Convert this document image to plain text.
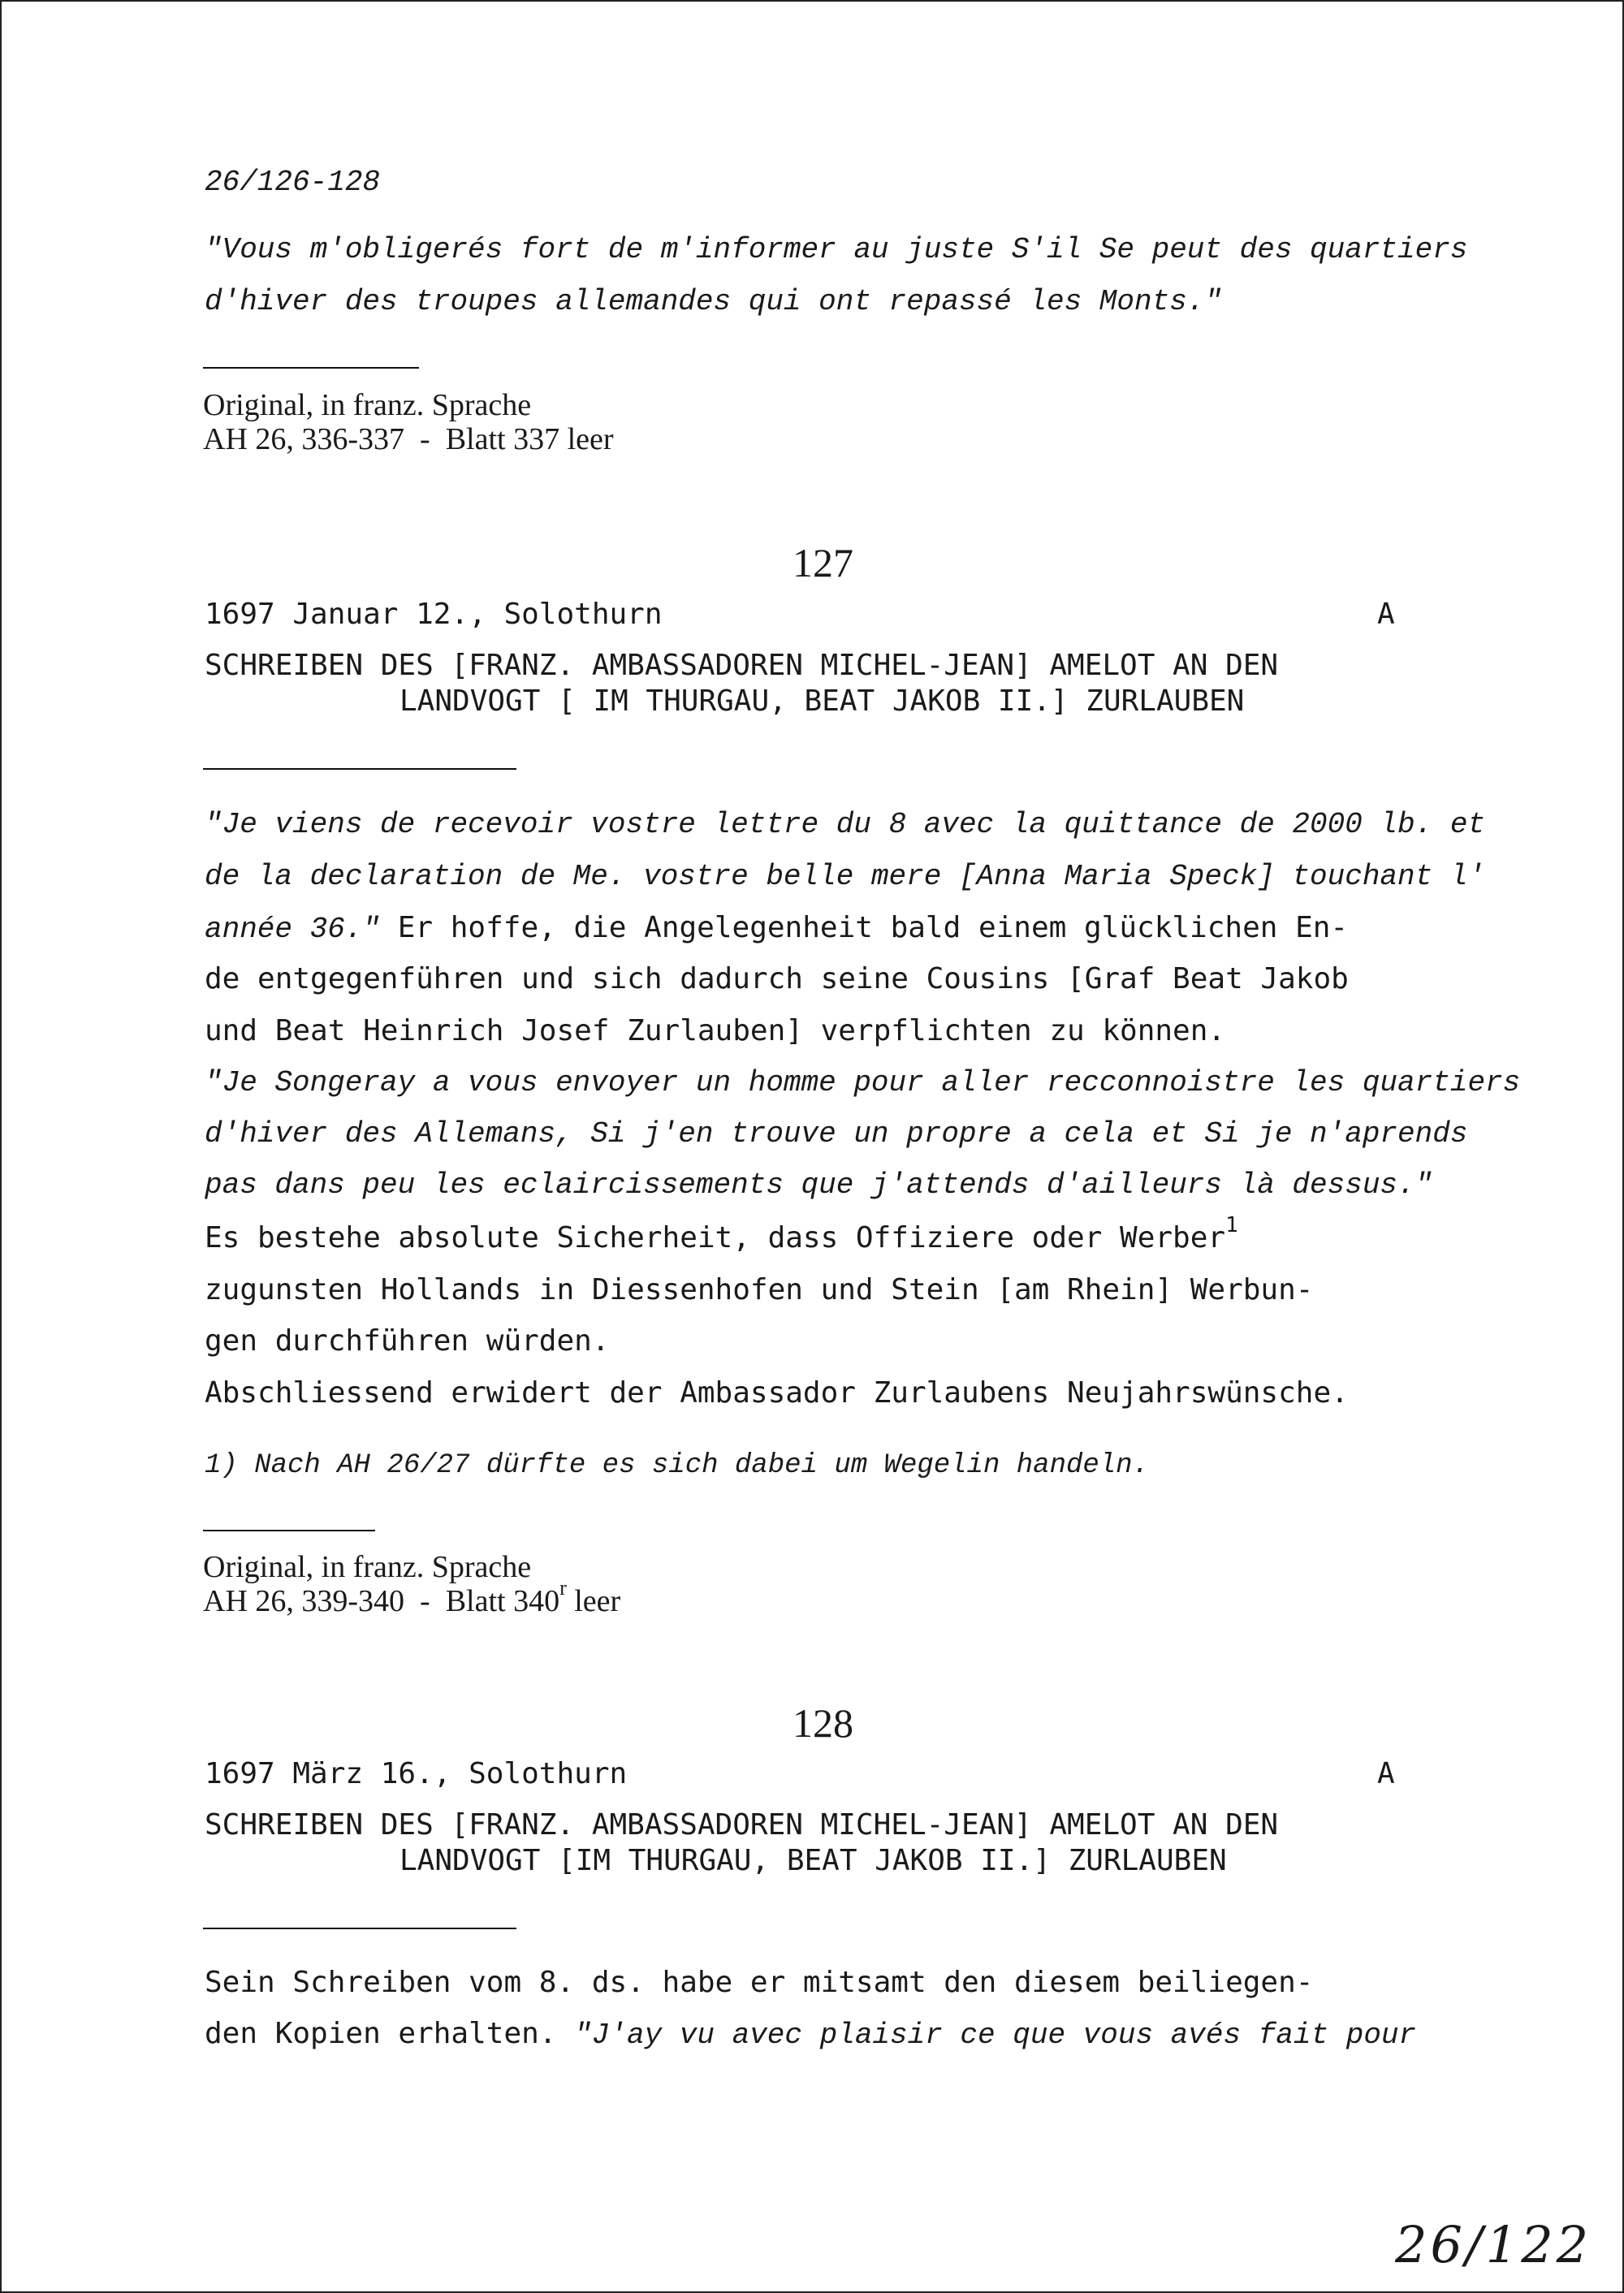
26/126-128
"Vous m'obligerés fort de m'informer au juste S'il Se peut des quartiers
d'hiver des troupes allemandes qui ont repassé les Monts."
Original, in franz. Sprache
AH 26, 336-337  -  Blatt 337 leer
127
1697 Januar 12., Solothurn	A
SCHREIBEN DES [FRANZ. AMBASSADOREN MICHEL-JEAN] AMELOT AN DEN
LANDVOGT [ IM THURGAU, BEAT JAKOB II.] ZURLAUBEN
"Je viens de recevoir vostre lettre du 8 avec la quittance de 2000 lb. et
de la declaration de Me. vostre belle mere [Anna Maria Speck] touchant l'
année 36." Er hoffe, die Angelegenheit bald einem glücklichen En-
de entgegenführen und sich dadurch seine Cousins [Graf Beat Jakob
und Beat Heinrich Josef Zurlauben] verpflichten zu können.
"Je Songeray a vous envoyer un homme pour aller recconnoistre les quartiers
d'hiver des Allemans, Si j'en trouve un propre a cela et Si je n'aprends
pas dans peu les eclaircissements que j'attends d'ailleurs là dessus."
Es bestehe absolute Sicherheit, dass Offiziere oder Werber$^1$
zugunsten Hollands in Diessenhofen und Stein [am Rhein] Werbun-
gen durchführen würden.
Abschliessend erwidert der Ambassador Zurlaubens Neujahrswünsche.
1) Nach AH 26/27 dürfte es sich dabei um Wegelin handeln.
Original, in franz. Sprache
AH 26, 339-340  -  Blatt 340$^r$ leer
128
1697 März 16., Solothurn	A
SCHREIBEN DES [FRANZ. AMBASSADOREN MICHEL-JEAN] AMELOT AN DEN
LANDVOGT [IM THURGAU, BEAT JAKOB II.] ZURLAUBEN
Sein Schreiben vom 8. ds. habe er mitsamt den diesem beiliegen-
den Kopien erhalten. "J'ay vu avec plaisir ce que vous avés fait pour
26/122
